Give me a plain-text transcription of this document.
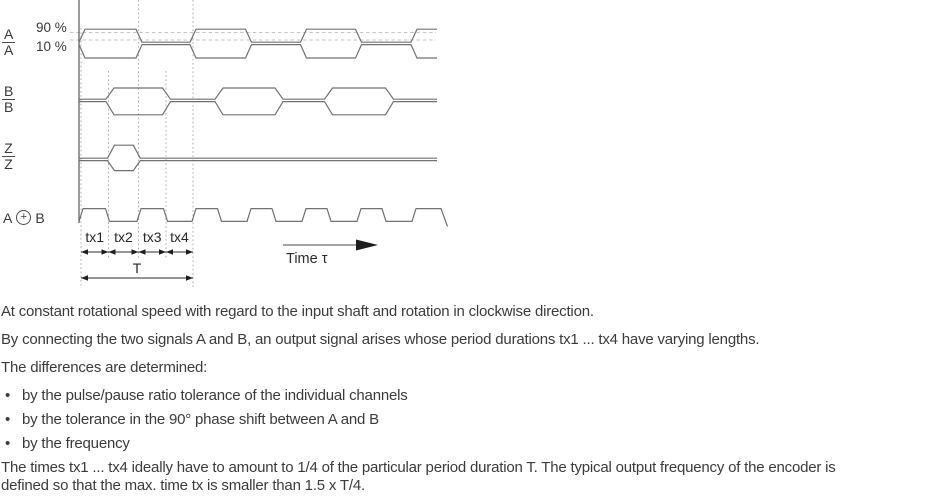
90 %
10 %
A
A
B
B
Z
Z
A + B
tx1 tx2 tx3 tx4
T
Time τ

At constant rotational speed with regard to the input shaft and rotation in clockwise direction.

By connecting the two signals A and B, an output signal arises whose period durations tx1 ... tx4 have varying lengths.

The differences are determined:

• by the pulse/pause ratio tolerance of the individual channels
• by the tolerance in the 90° phase shift between A and B
• by the frequency

The times tx1 ... tx4 ideally have to amount to 1/4 of the particular period duration T. The typical output frequency of the encoder is

defined so that the max. time tx is smaller than 1.5 x T/4.
